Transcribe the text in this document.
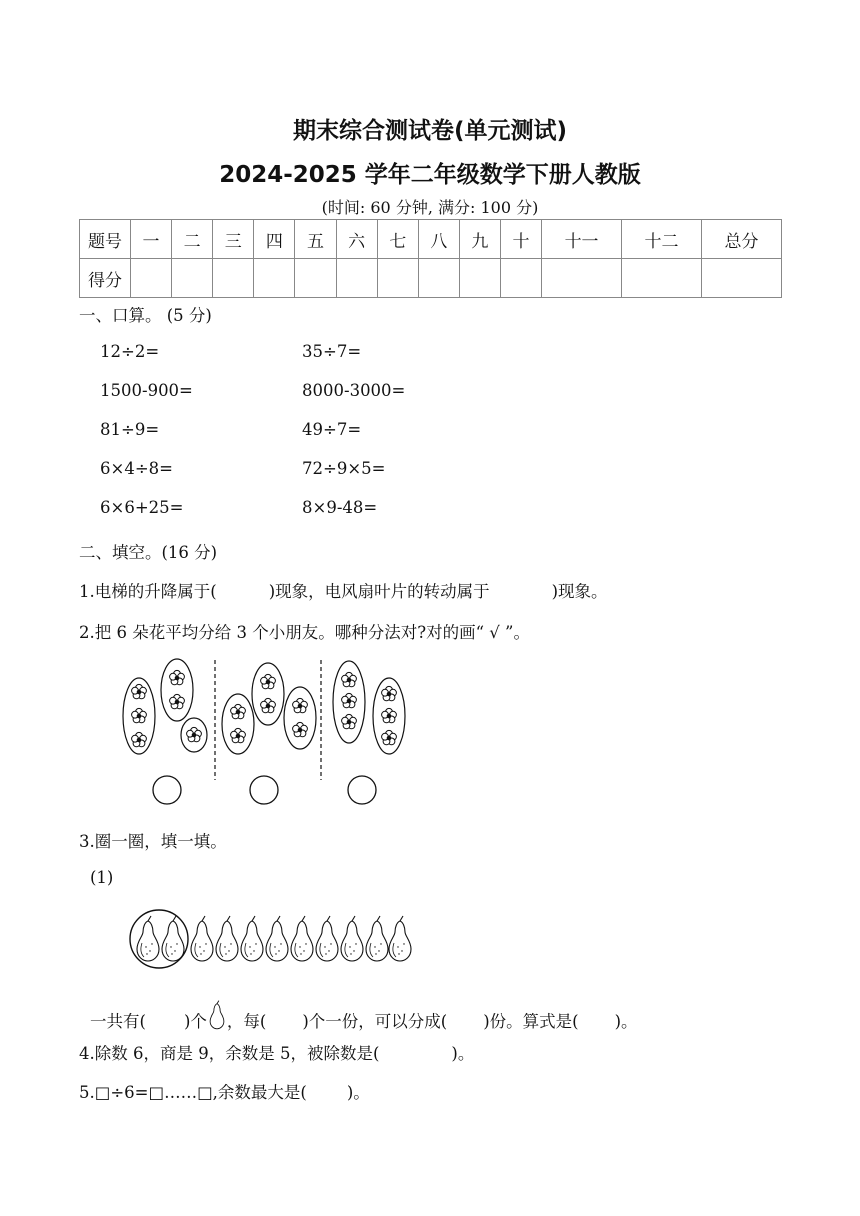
期末综合测试卷(单元测试)
2024-2025 学年二年级数学下册人教版
(时间: 60 分钟, 满分: 100 分)
题号	一	二	三	四	五	六	七	八	九	十	十一	十二	总分
得分													
一、口算。 (5 分)
12÷2=	35÷7=
1500-900=	8000-3000=
81÷9=	49÷7=
6×4÷8=	72÷9×5=
6×6+25=	8×9-48=
二、填空。(16 分)
1.电梯的升降属于(	)现象，电风扇叶片的转动属于	)现象。
2.把 6 朵花平均分给 3 个小朋友。哪种分法对?对的画“ √ ”。
3.圈一圈，填一填。
(1)
一共有( )个 ，每( )个一份，可以分成( )份。算式是( )。
4.除数 6，商是 9，余数是 5，被除数是(	)。
5.□÷6=□……□,余数最大是( )。
